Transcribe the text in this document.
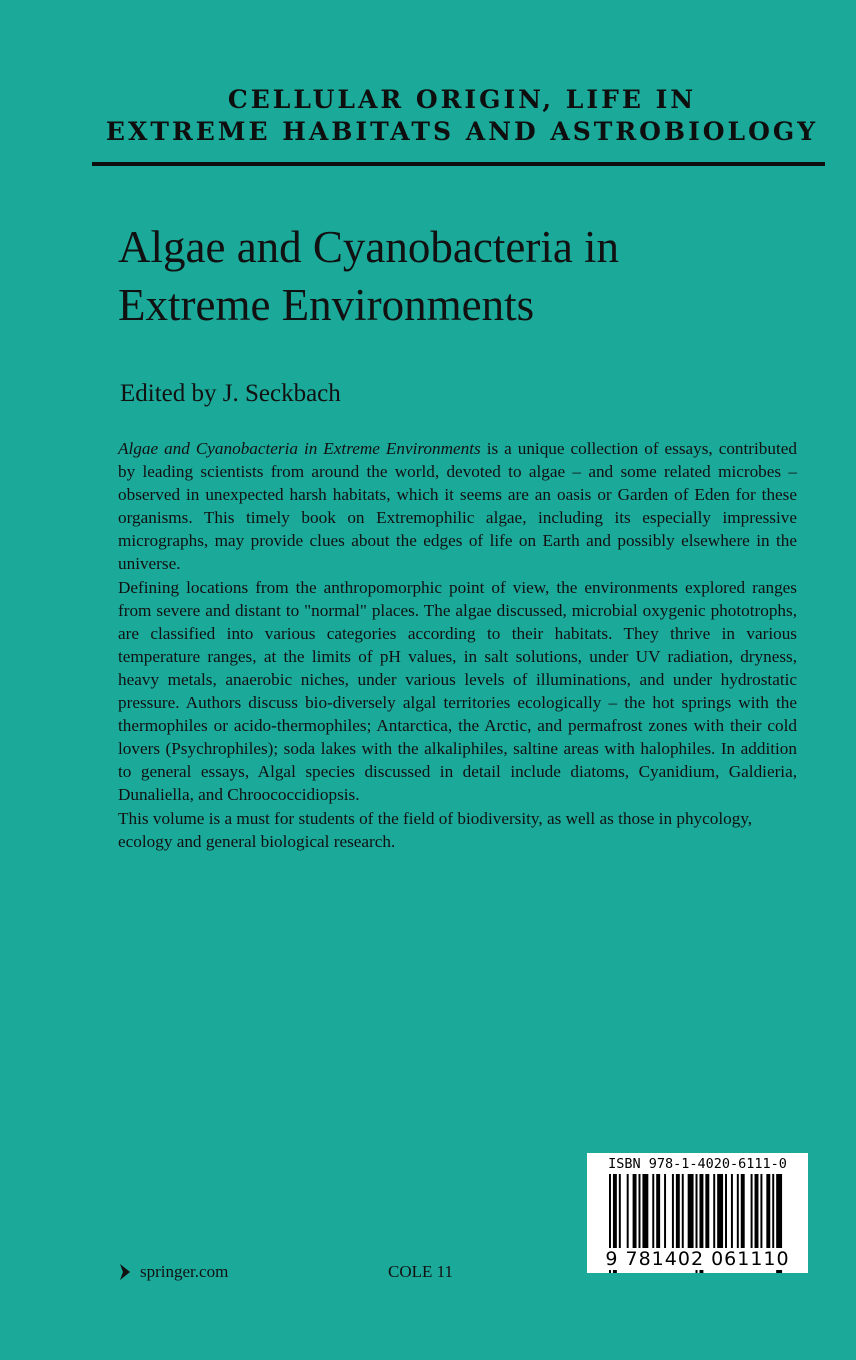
CELLULAR ORIGIN, LIFE IN
EXTREME HABITATS AND ASTROBIOLOGY
Algae and Cyanobacteria in
Extreme Environments
Edited by J. Seckbach

Algae and Cyanobacteria in Extreme Environments is a unique collection of essays, contributed by leading scientists from around the world, devoted to algae – and some related microbes – observed in unexpected harsh habitats, which it seems are an oasis or Garden of Eden for these organisms. This timely book on Extremophilic algae, including its especially impressive micrographs, may provide clues about the edges of life on Earth and possibly elsewhere in the universe.

Defining locations from the anthropomorphic point of view, the environments explored ranges from severe and distant to "normal" places. The algae discussed, microbial oxygenic phototrophs, are classified into various categories according to their habitats. They thrive in various temperature ranges, at the limits of pH values, in salt solutions, under UV radiation, dryness, heavy metals, anaerobic niches, under various levels of illuminations, and under hydrostatic pressure. Authors discuss bio-diversely algal territories ecologically – the hot springs with the thermophiles or acido-thermophiles; Antarctica, the Arctic, and permafrost zones with their cold lovers (Psychrophiles); soda lakes with the alkaliphiles, saltine areas with halophiles. In addition to general essays, Algal species discussed in detail include diatoms, Cyanidium, Galdieria, Dunaliella, and Chroococcidiopsis.

This volume is a must for students of the field of biodiversity, as well as those in phycology, ecology and general biological research.

ISBN 978-1-4020-6111-0
9 781402 061110
springer.com	COLE 11
